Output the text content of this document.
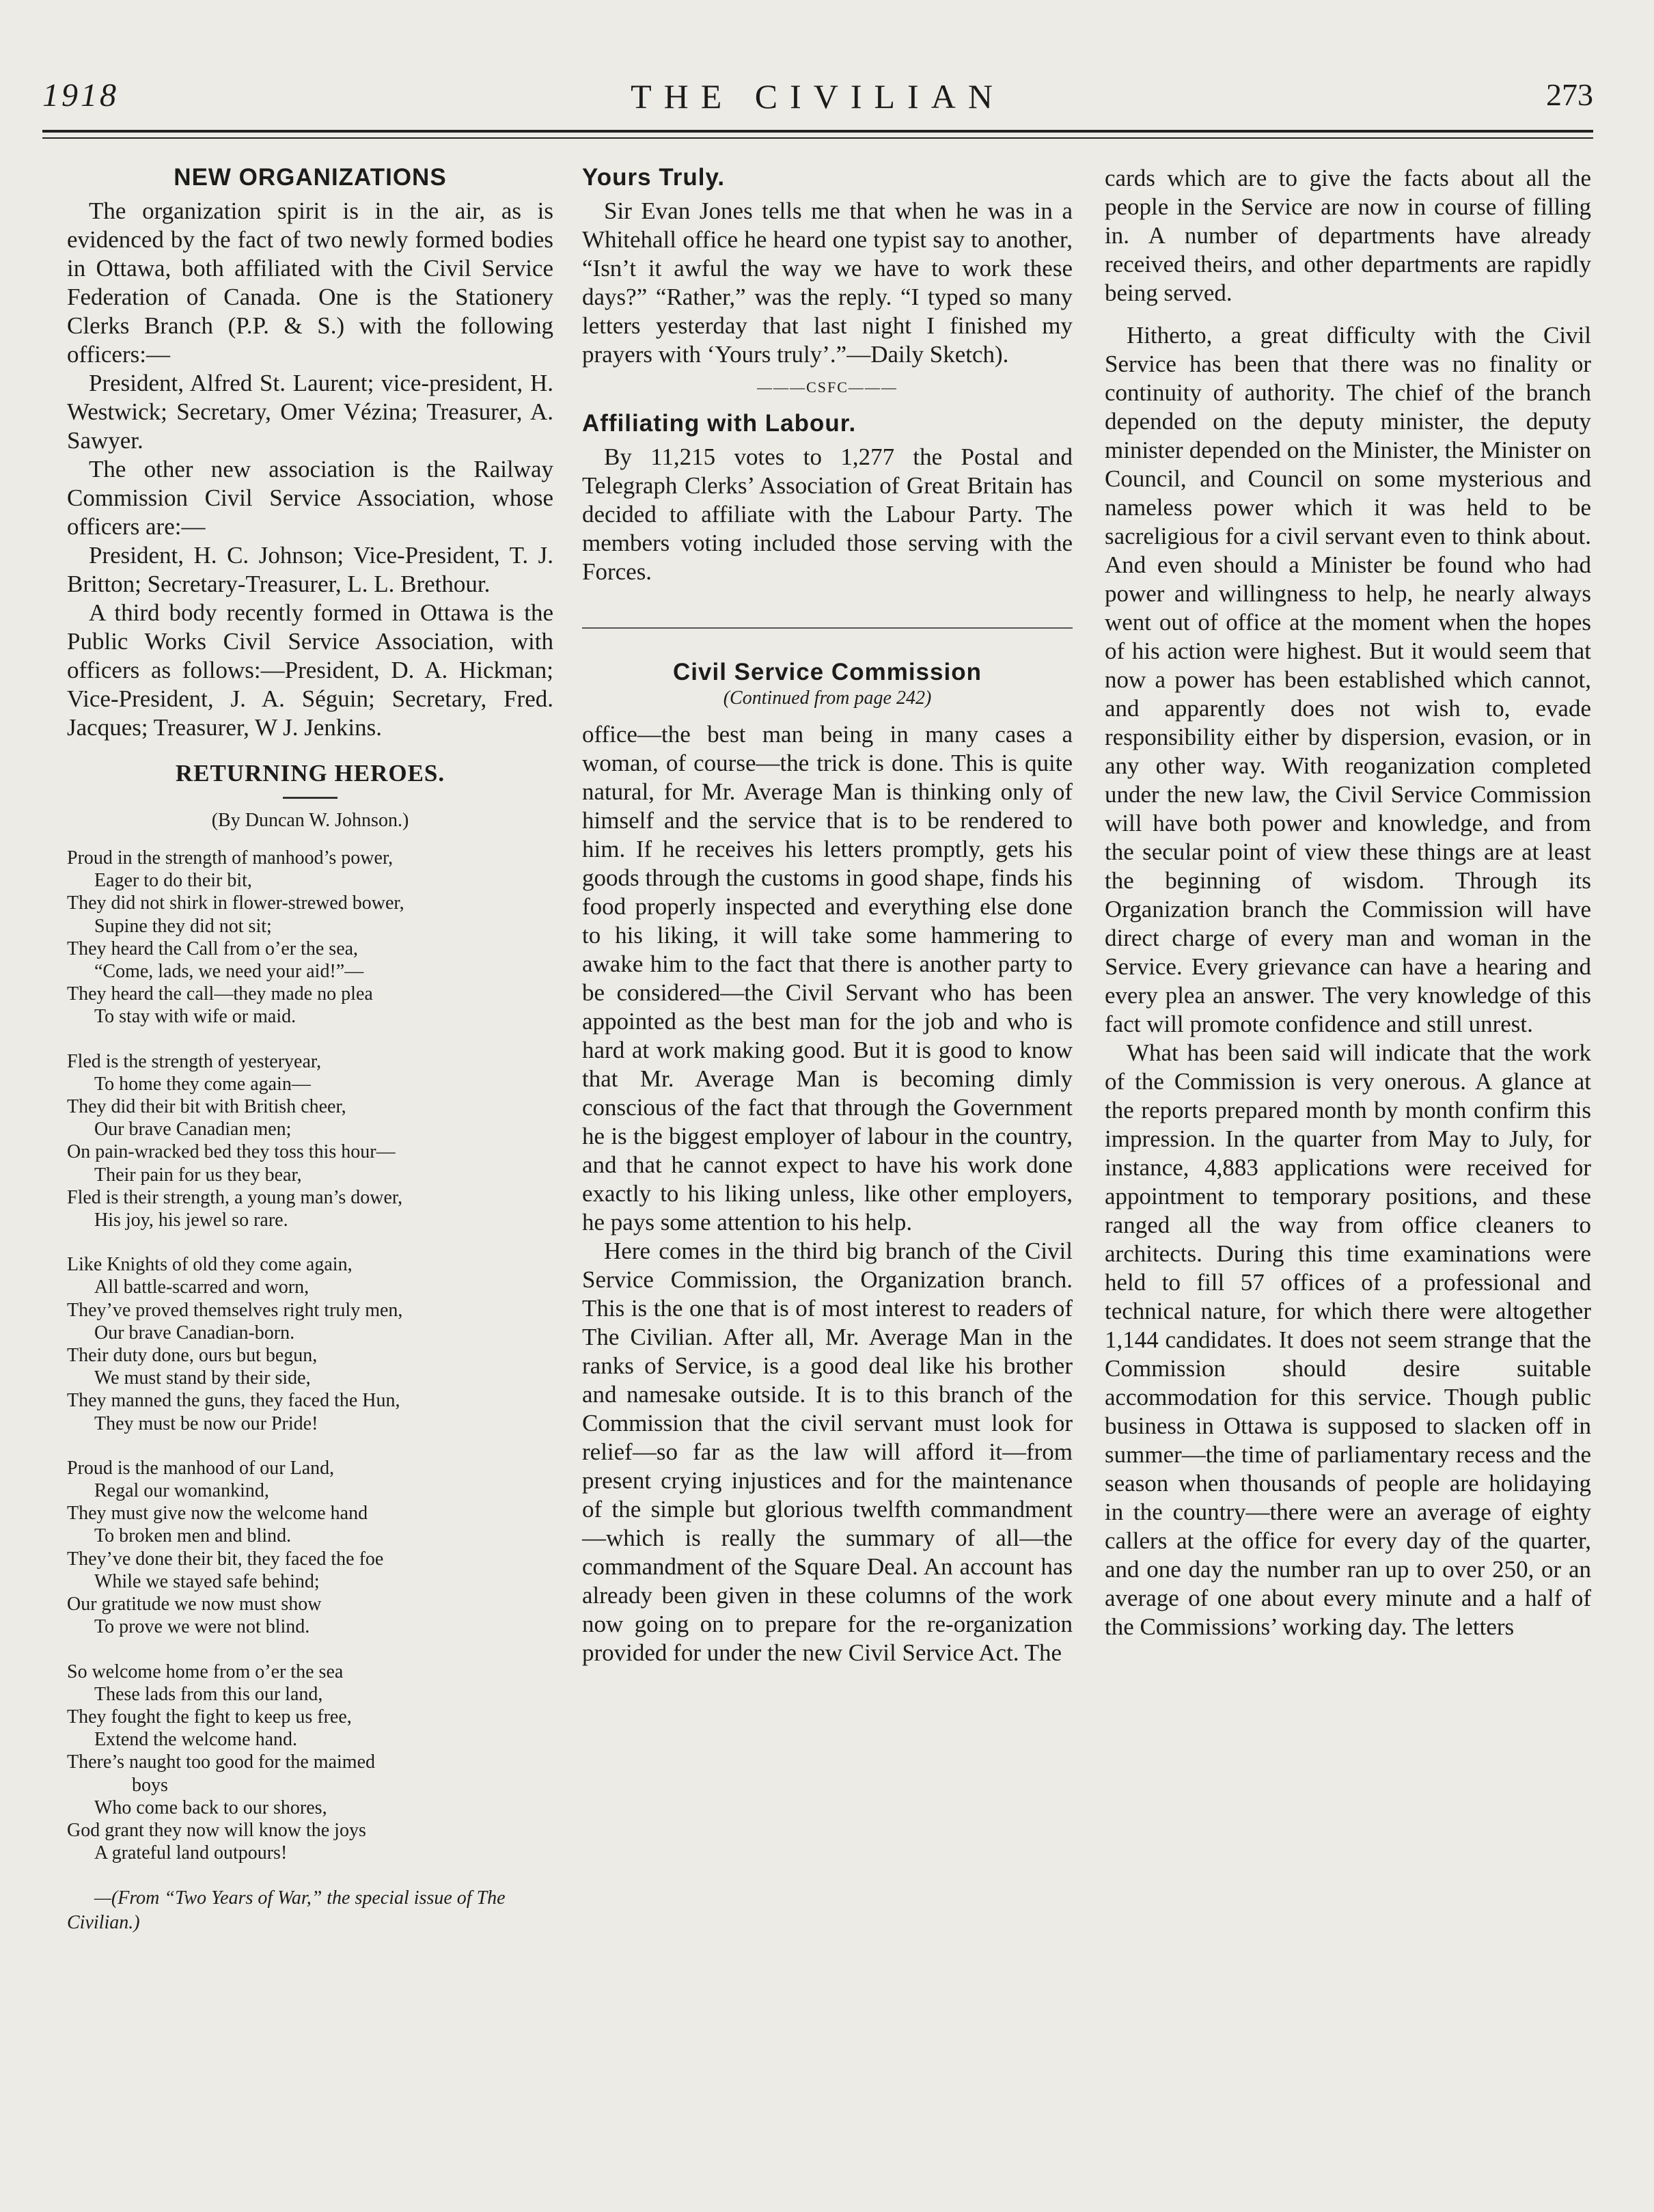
1918	THE CIVILIAN	273
NEW ORGANIZATIONS

The organization spirit is in the air, as is evidenced by the fact of two newly formed bodies in Ottawa, both affiliated with the Civil Service Federation of Canada. One is the Stationery Clerks Branch (P.P. & S.) with the following officers:—

President, Alfred St. Laurent; vice-president, H. Westwick; Secretary, Omer Vézina; Treasurer, A. Sawyer.

The other new association is the Railway Commission Civil Service Association, whose officers are:—

President, H. C. Johnson; Vice-President, T. J. Britton; Secretary-Treasurer, L. L. Brethour.

A third body recently formed in Ottawa is the Public Works Civil Service Association, with officers as follows:—President, D. A. Hickman; Vice-President, J. A. Séguin; Secretary, Fred. Jacques; Treasurer, W J. Jenkins.

RETURNING HEROES.
(By Duncan W. Johnson.)
Proud in the strength of manhood’s power,
Eager to do their bit,
They did not shirk in flower-strewed bower,
Supine they did not sit;
They heard the Call from o’er the sea,
“Come, lads, we need your aid!”—
They heard the call—they made no plea
To stay with wife or maid.
Fled is the strength of yesteryear,
To home they come again—
They did their bit with British cheer,
Our brave Canadian men;
On pain-wracked bed they toss this hour—
Their pain for us they bear,
Fled is their strength, a young man’s dower,
His joy, his jewel so rare.
Like Knights of old they come again,
All battle-scarred and worn,
They’ve proved themselves right truly men,
Our brave Canadian-born.
Their duty done, ours but begun,
We must stand by their side,
They manned the guns, they faced the Hun,
They must be now our Pride!
Proud is the manhood of our Land,
Regal our womankind,
They must give now the welcome hand
To broken men and blind.
They’ve done their bit, they faced the foe
While we stayed safe behind;
Our gratitude we now must show
To prove we were not blind.
So welcome home from o’er the sea
These lads from this our land,
They fought the fight to keep us free,
Extend the welcome hand.
There’s naught too good for the maimed
boys
Who come back to our shores,
God grant they now will know the joys
A grateful land outpours!
—(From “Two Years of War,” the special issue of The Civilian.)
Yours Truly.

Sir Evan Jones tells me that when he was in a Whitehall office he heard one typist say to another, “Isn’t it awful the way we have to work these days?” “Rather,” was the reply. “I typed so many letters yesterday that last night I finished my prayers with ‘Yours truly’.”—Daily Sketch).

———CSFC———
Affiliating with Labour.

By 11,215 votes to 1,277 the Postal and Telegraph Clerks’ Association of Great Britain has decided to affiliate with the Labour Party. The members voting included those serving with the Forces.

Civil Service Commission
(Continued from page 242)

office—the best man being in many cases a woman, of course—the trick is done. This is quite natural, for Mr. Average Man is thinking only of himself and the service that is to be rendered to him. If he receives his letters promptly, gets his goods through the customs in good shape, finds his food properly inspected and everything else done to his liking, it will take some hammering to awake him to the fact that there is another party to be considered—the Civil Servant who has been appointed as the best man for the job and who is hard at work making good. But it is good to know that Mr. Average Man is becoming dimly conscious of the fact that through the Government he is the biggest employer of labour in the country, and that he cannot expect to have his work done exactly to his liking unless, like other employers, he pays some attention to his help.

Here comes in the third big branch of the Civil Service Commission, the Organization branch. This is the one that is of most interest to readers of The Civilian. After all, Mr. Average Man in the ranks of Service, is a good deal like his brother and namesake outside. It is to this branch of the Commission that the civil servant must look for relief—so far as the law will afford it—from present crying injustices and for the maintenance of the simple but glorious twelfth commandment—which is really the summary of all—the commandment of the Square Deal. An account has already been given in these columns of the work now going on to prepare for the re-organization provided for under the new Civil Service Act. The

cards which are to give the facts about all the people in the Service are now in course of filling in. A number of departments have already received theirs, and other departments are rapidly being served.

Hitherto, a great difficulty with the Civil Service has been that there was no finality or continuity of authority. The chief of the branch depended on the deputy minister, the deputy minister depended on the Minister, the Minister on Council, and Council on some mysterious and nameless power which it was held to be sacreligious for a civil servant even to think about. And even should a Minister be found who had power and willingness to help, he nearly always went out of office at the moment when the hopes of his action were highest. But it would seem that now a power has been established which cannot, and apparently does not wish to, evade responsibility either by dispersion, evasion, or in any other way. With reoganization completed under the new law, the Civil Service Commission will have both power and knowledge, and from the secular point of view these things are at least the beginning of wisdom. Through its Organization branch the Commission will have direct charge of every man and woman in the Service. Every grievance can have a hearing and every plea an answer. The very knowledge of this fact will promote confidence and still unrest.

What has been said will indicate that the work of the Commission is very onerous. A glance at the reports prepared month by month confirm this impression. In the quarter from May to July, for instance, 4,883 applications were received for appointment to temporary positions, and these ranged all the way from office cleaners to architects. During this time examinations were held to fill 57 offices of a professional and technical nature, for which there were altogether 1,144 candidates. It does not seem strange that the Commission should desire suitable accommodation for this service. Though public business in Ottawa is supposed to slacken off in summer—the time of parliamentary recess and the season when thousands of people are holidaying in the country—there were an average of eighty callers at the office for every day of the quarter, and one day the number ran up to over 250, or an average of one about every minute and a half of the Commissions’ working day. The letters
